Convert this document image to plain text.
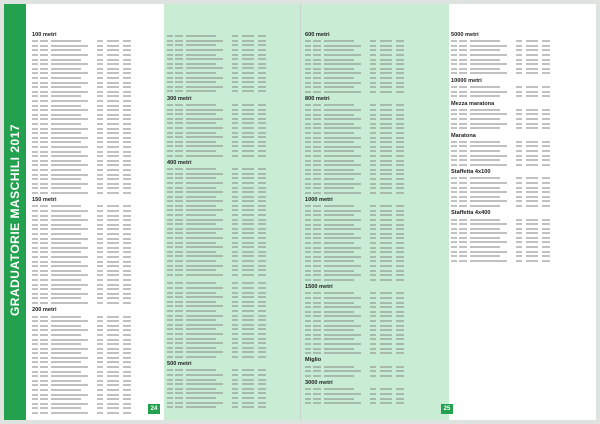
GRADUATORIE MASCHILI 2017
100 metri
150 metri
200 metri
300 metri
400 metri
500 metri
24
600 metri
800 metri
1000 metri
1500 metri
Miglio
3000 metri
5000 metri
10000 metri
Mezza maratona
Maratona
Staffetta 4x100
Staffetta 4x400
25
